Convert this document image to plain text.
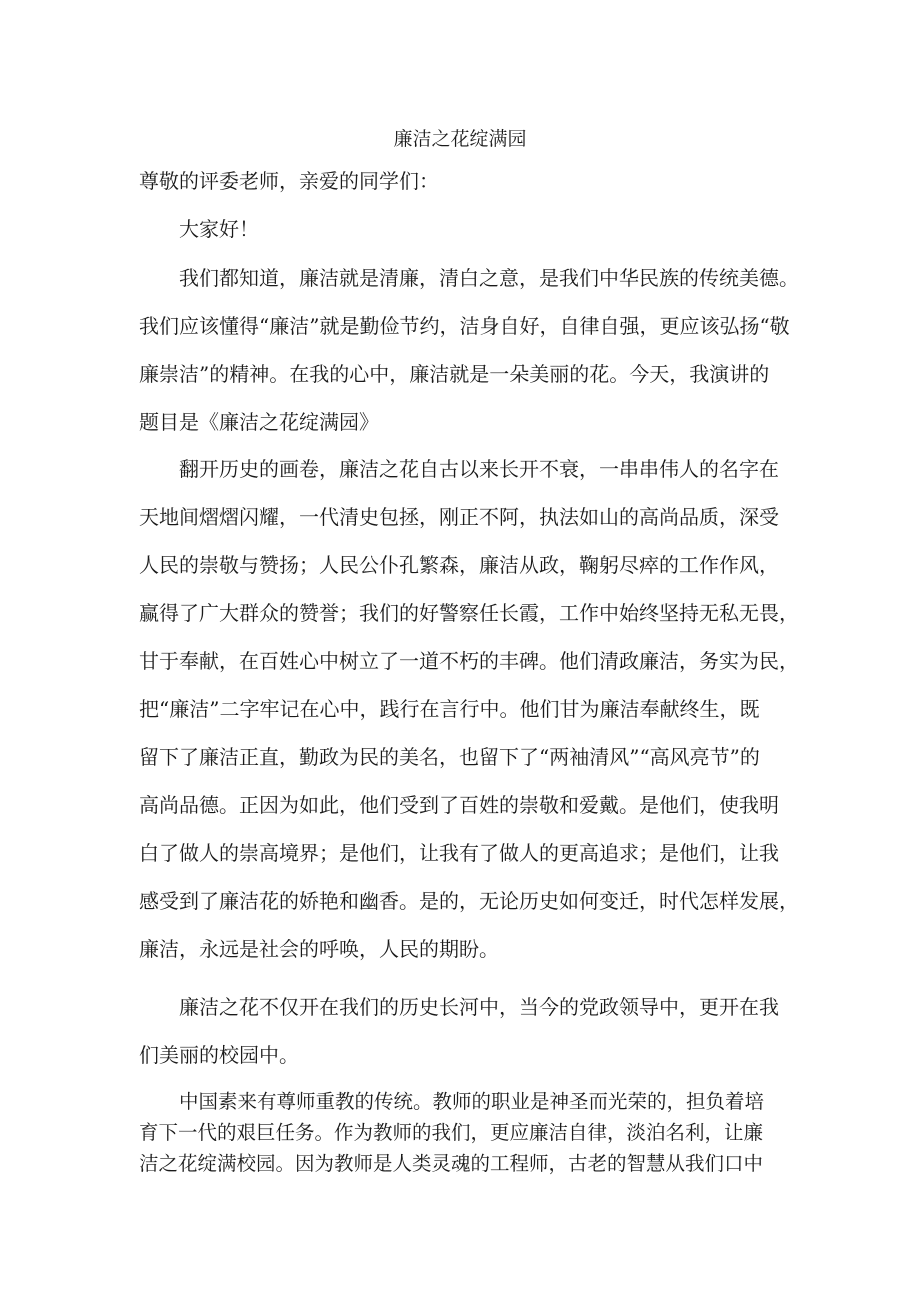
廉洁之花绽满园

尊敬的评委老师，亲爱的同学们：

大家好！

我们都知道，廉洁就是清廉，清白之意，是我们中华民族的传统美德。
我们应该懂得“廉洁”就是勤俭节约，洁身自好，自律自强，更应该弘扬“敬
廉崇洁”的精神。在我的心中，廉洁就是一朵美丽的花。今天，我演讲的
题目是《廉洁之花绽满园》
翻开历史的画卷，廉洁之花自古以来长开不衰，一串串伟人的名字在
天地间熠熠闪耀，一代清史包拯，刚正不阿，执法如山的高尚品质，深受
人民的崇敬与赞扬；人民公仆孔繁森，廉洁从政，鞠躬尽瘁的工作作风，
赢得了广大群众的赞誉；我们的好警察任长霞，工作中始终坚持无私无畏，
甘于奉献，在百姓心中树立了一道不朽的丰碑。他们清政廉洁，务实为民，
把“廉洁”二字牢记在心中，践行在言行中。他们甘为廉洁奉献终生，既
留下了廉洁正直，勤政为民的美名，也留下了“两袖清风”“高风亮节”的
高尚品德。正因为如此，他们受到了百姓的崇敬和爱戴。是他们，使我明
白了做人的崇高境界；是他们，让我有了做人的更高追求；是他们，让我
感受到了廉洁花的娇艳和幽香。是的，无论历史如何变迁，时代怎样发展，
廉洁，永远是社会的呼唤，人民的期盼。
廉洁之花不仅开在我们的历史长河中，当今的党政领导中，更开在我
们美丽的校园中。
中国素来有尊师重教的传统。教师的职业是神圣而光荣的，担负着培
育下一代的艰巨任务。作为教师的我们，更应廉洁自律，淡泊名利，让廉
洁之花绽满校园。因为教师是人类灵魂的工程师，古老的智慧从我们口中
